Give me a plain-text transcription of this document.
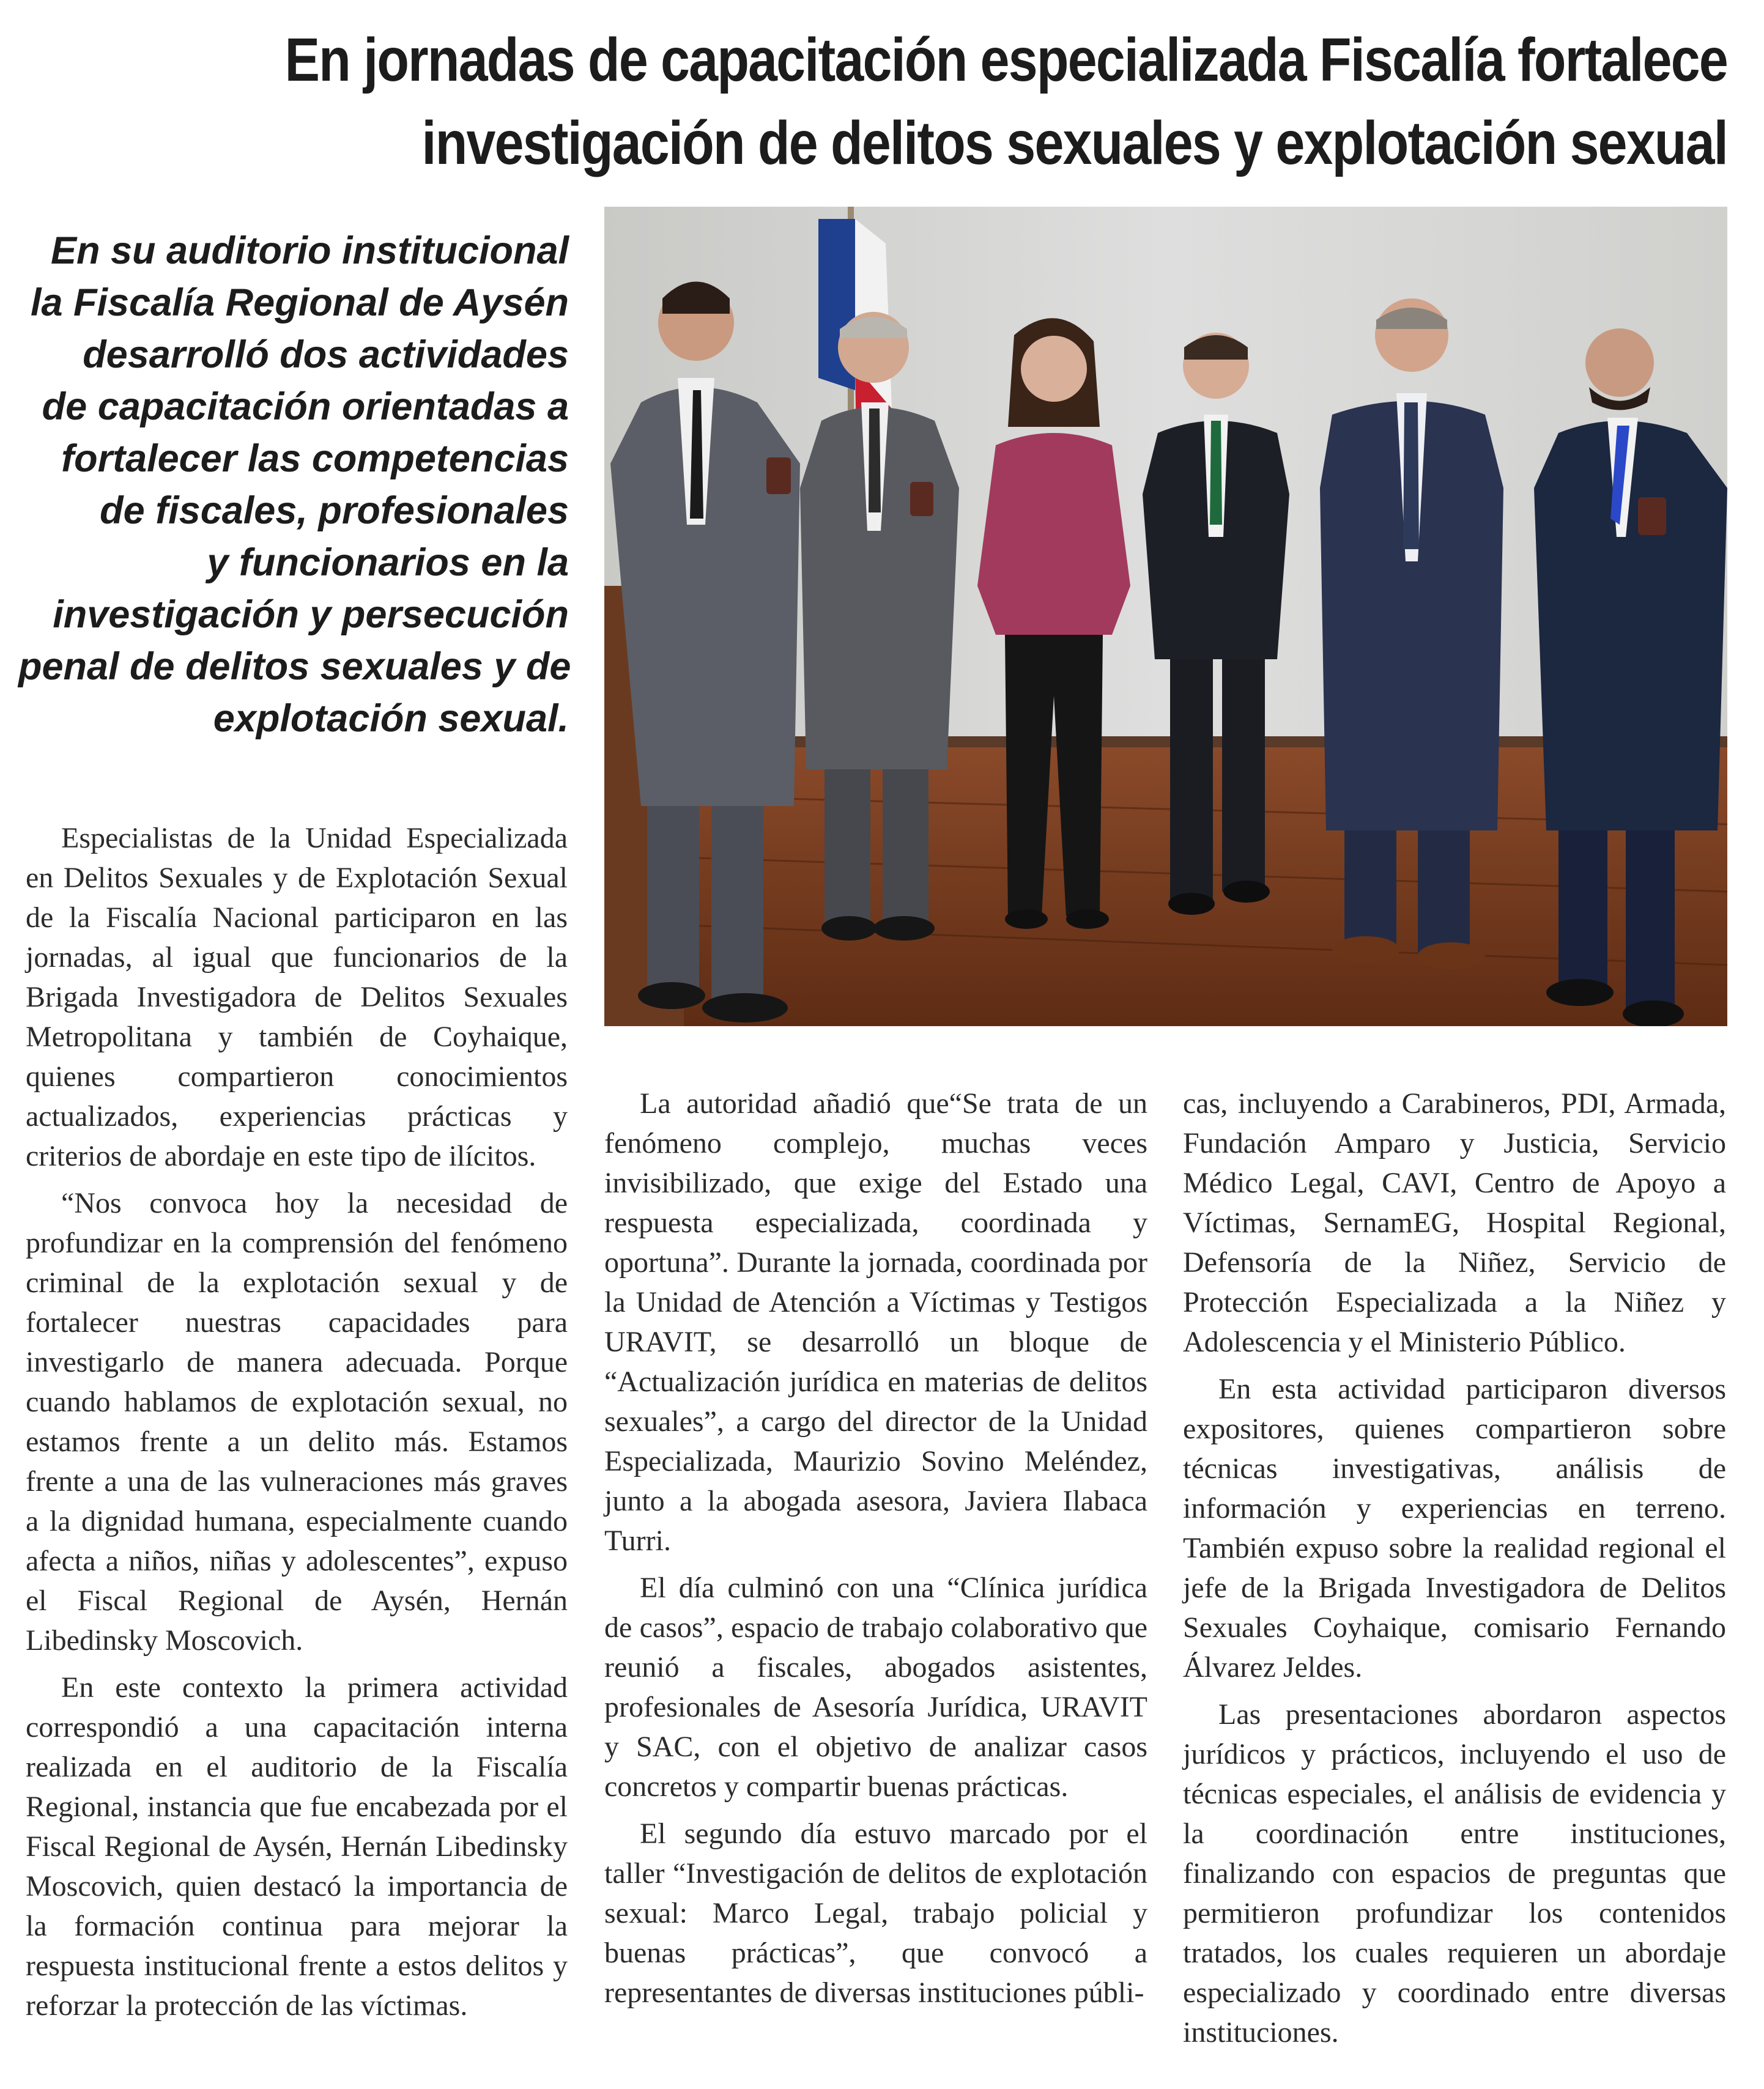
En jornadas de capacitación especializada Fiscalía fortalece
investigación de delitos sexuales y explotación sexual
En su auditorio institucional
la Fiscalía Regional de Aysén
desarrolló dos actividades
de capacitación orientadas a
fortalecer las competencias
de fiscales, profesionales
y funcionarios en la
investigación y persecución
penal de delitos sexuales y de
explotación sexual.

Especialistas de la Unidad Especializada en Delitos Sexuales y de Explotación Sexual de la Fiscalía Nacional participaron en las jornadas, al igual que funcionarios de la Brigada Investigadora de Delitos Sexuales Metropolitana y también de Coyhaique, quienes compartieron conocimientos actualizados, experiencias prácticas y criterios de abordaje en este tipo de ilícitos.

“Nos convoca hoy la necesidad de profundizar en la comprensión del fenómeno criminal de la explotación sexual y de fortalecer nuestras capacidades para investigarlo de manera adecuada. Porque cuando hablamos de explotación sexual, no estamos frente a un delito más. Estamos frente a una de las vulneraciones más graves a la dignidad humana, especialmente cuando afecta a niños, niñas y adolescentes”, expuso el Fiscal Regional de Aysén, Hernán Libedinsky Moscovich.

En este contexto la primera actividad correspondió a una capacitación interna realizada en el auditorio de la Fiscalía Regional, instancia que fue encabezada por el Fiscal Regional de Aysén, Hernán Libedinsky Moscovich, quien destacó la importancia de la formación continua para mejorar la respuesta institucional frente a estos delitos y reforzar la protección de las víctimas.

La autoridad añadió que“Se trata de un fenómeno complejo, muchas veces invisibilizado, que exige del Estado una respuesta especializada, coordinada y oportuna”. Durante la jornada, coordinada por la Unidad de Atención a Víctimas y Testigos URAVIT, se desarrolló un bloque de “Actualización jurídica en materias de delitos sexuales”, a cargo del director de la Unidad Especializada, Maurizio Sovino Meléndez, junto a la abogada asesora, Javiera Ilabaca Turri.

El día culminó con una “Clínica jurídica de casos”, espacio de trabajo colaborativo que reunió a fiscales, abogados asistentes, profesionales de Asesoría Jurídica, URAVIT y SAC, con el objetivo de analizar casos concretos y compartir buenas prácticas.

El segundo día estuvo marcado por el taller “Investigación de delitos de explotación sexual: Marco Legal, trabajo policial y buenas prácticas”, que convocó a representantes de diversas instituciones públi-

cas, incluyendo a Carabineros, PDI, Armada, Fundación Amparo y Justicia, Servicio Médico Legal, CAVI, Centro de Apoyo a Víctimas, SernamEG, Hospital Regional, Defensoría de la Niñez, Servicio de Protección Especializada a la Niñez y Adolescencia y el Ministerio Público.

En esta actividad participaron diversos expositores, quienes compartieron sobre técnicas investigativas, análisis de información y experiencias en terreno. También expuso sobre la realidad regional el jefe de la Brigada Investigadora de Delitos Sexuales Coyhaique, comisario Fernando Álvarez Jeldes.

Las presentaciones abordaron aspectos jurídicos y prácticos, incluyendo el uso de técnicas especiales, el análisis de evidencia y la coordinación entre instituciones, finalizando con espacios de preguntas que permitieron profundizar los contenidos tratados, los cuales requieren un abordaje especializado y coordinado entre diversas instituciones.
